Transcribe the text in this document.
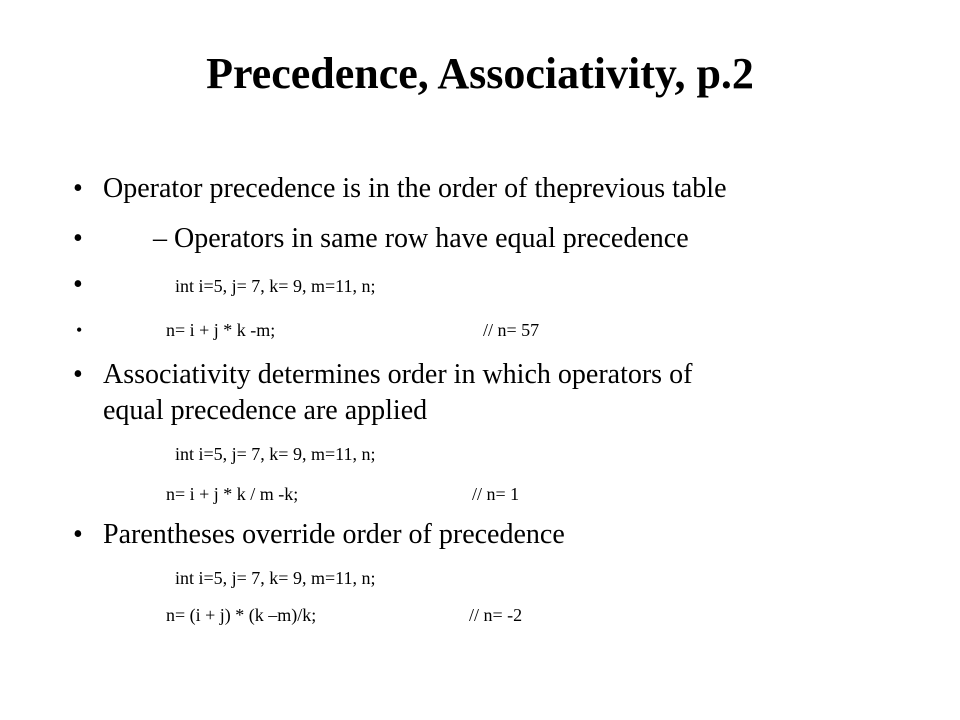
Precedence, Associativity, p.2
• Operator precedence is in the order of theprevious table
•	– Operators in same row have equal precedence
•	int i=5, j= 7, k= 9, m=11, n;
•	n= i + j * k -m;	// n= 57
• Associativity determines order in which operators of
equal precedence are applied
int i=5, j= 7, k= 9, m=11, n;
n= i + j * k / m -k;	// n= 1
• Parentheses override order of precedence
int i=5, j= 7, k= 9, m=11, n;
n= (i + j) * (k –m)/k;	// n= -2
